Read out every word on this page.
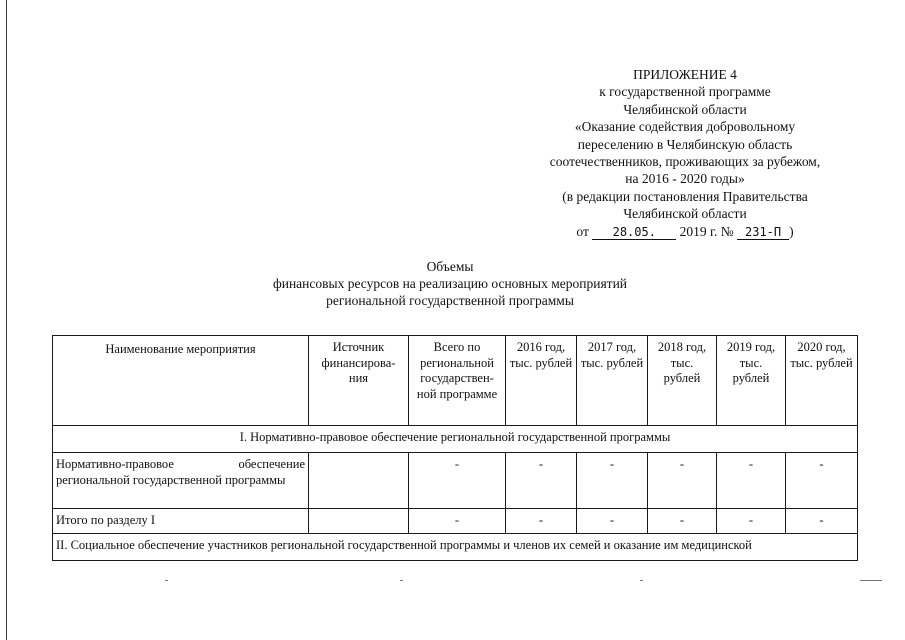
ПРИЛОЖЕНИЕ 4
к государственной программе
Челябинской области
«Оказание содействия добровольному
переселению в Челябинскую область
соотечественников, проживающих за рубежом,
на 2016 - 2020 годы»
(в редакции постановления Правительства
Челябинской области
от 28.05. 2019 г. № 231-П )
Объемы
финансовых ресурсов на реализацию основных мероприятий
региональной государственной программы
Наименование мероприятия	Источник финансирова-ния	Всего по региональной государствен-ной программе	2016 год, тыс. рублей	2017 год, тыс. рублей	2018 год, тыс. рублей	2019 год, тыс. рублей	2020 год, тыс. рублей
I. Нормативно-правовое обеспечение региональной государственной программы							
Нормативно-правовое обеспечение региональной государственной программы		-	-	-	-	-	-
Итого по разделу I		-	-	-	-	-	-
II. Социальное обеспечение участников региональной государственной программы и членов их семей и оказание им медицинской							
